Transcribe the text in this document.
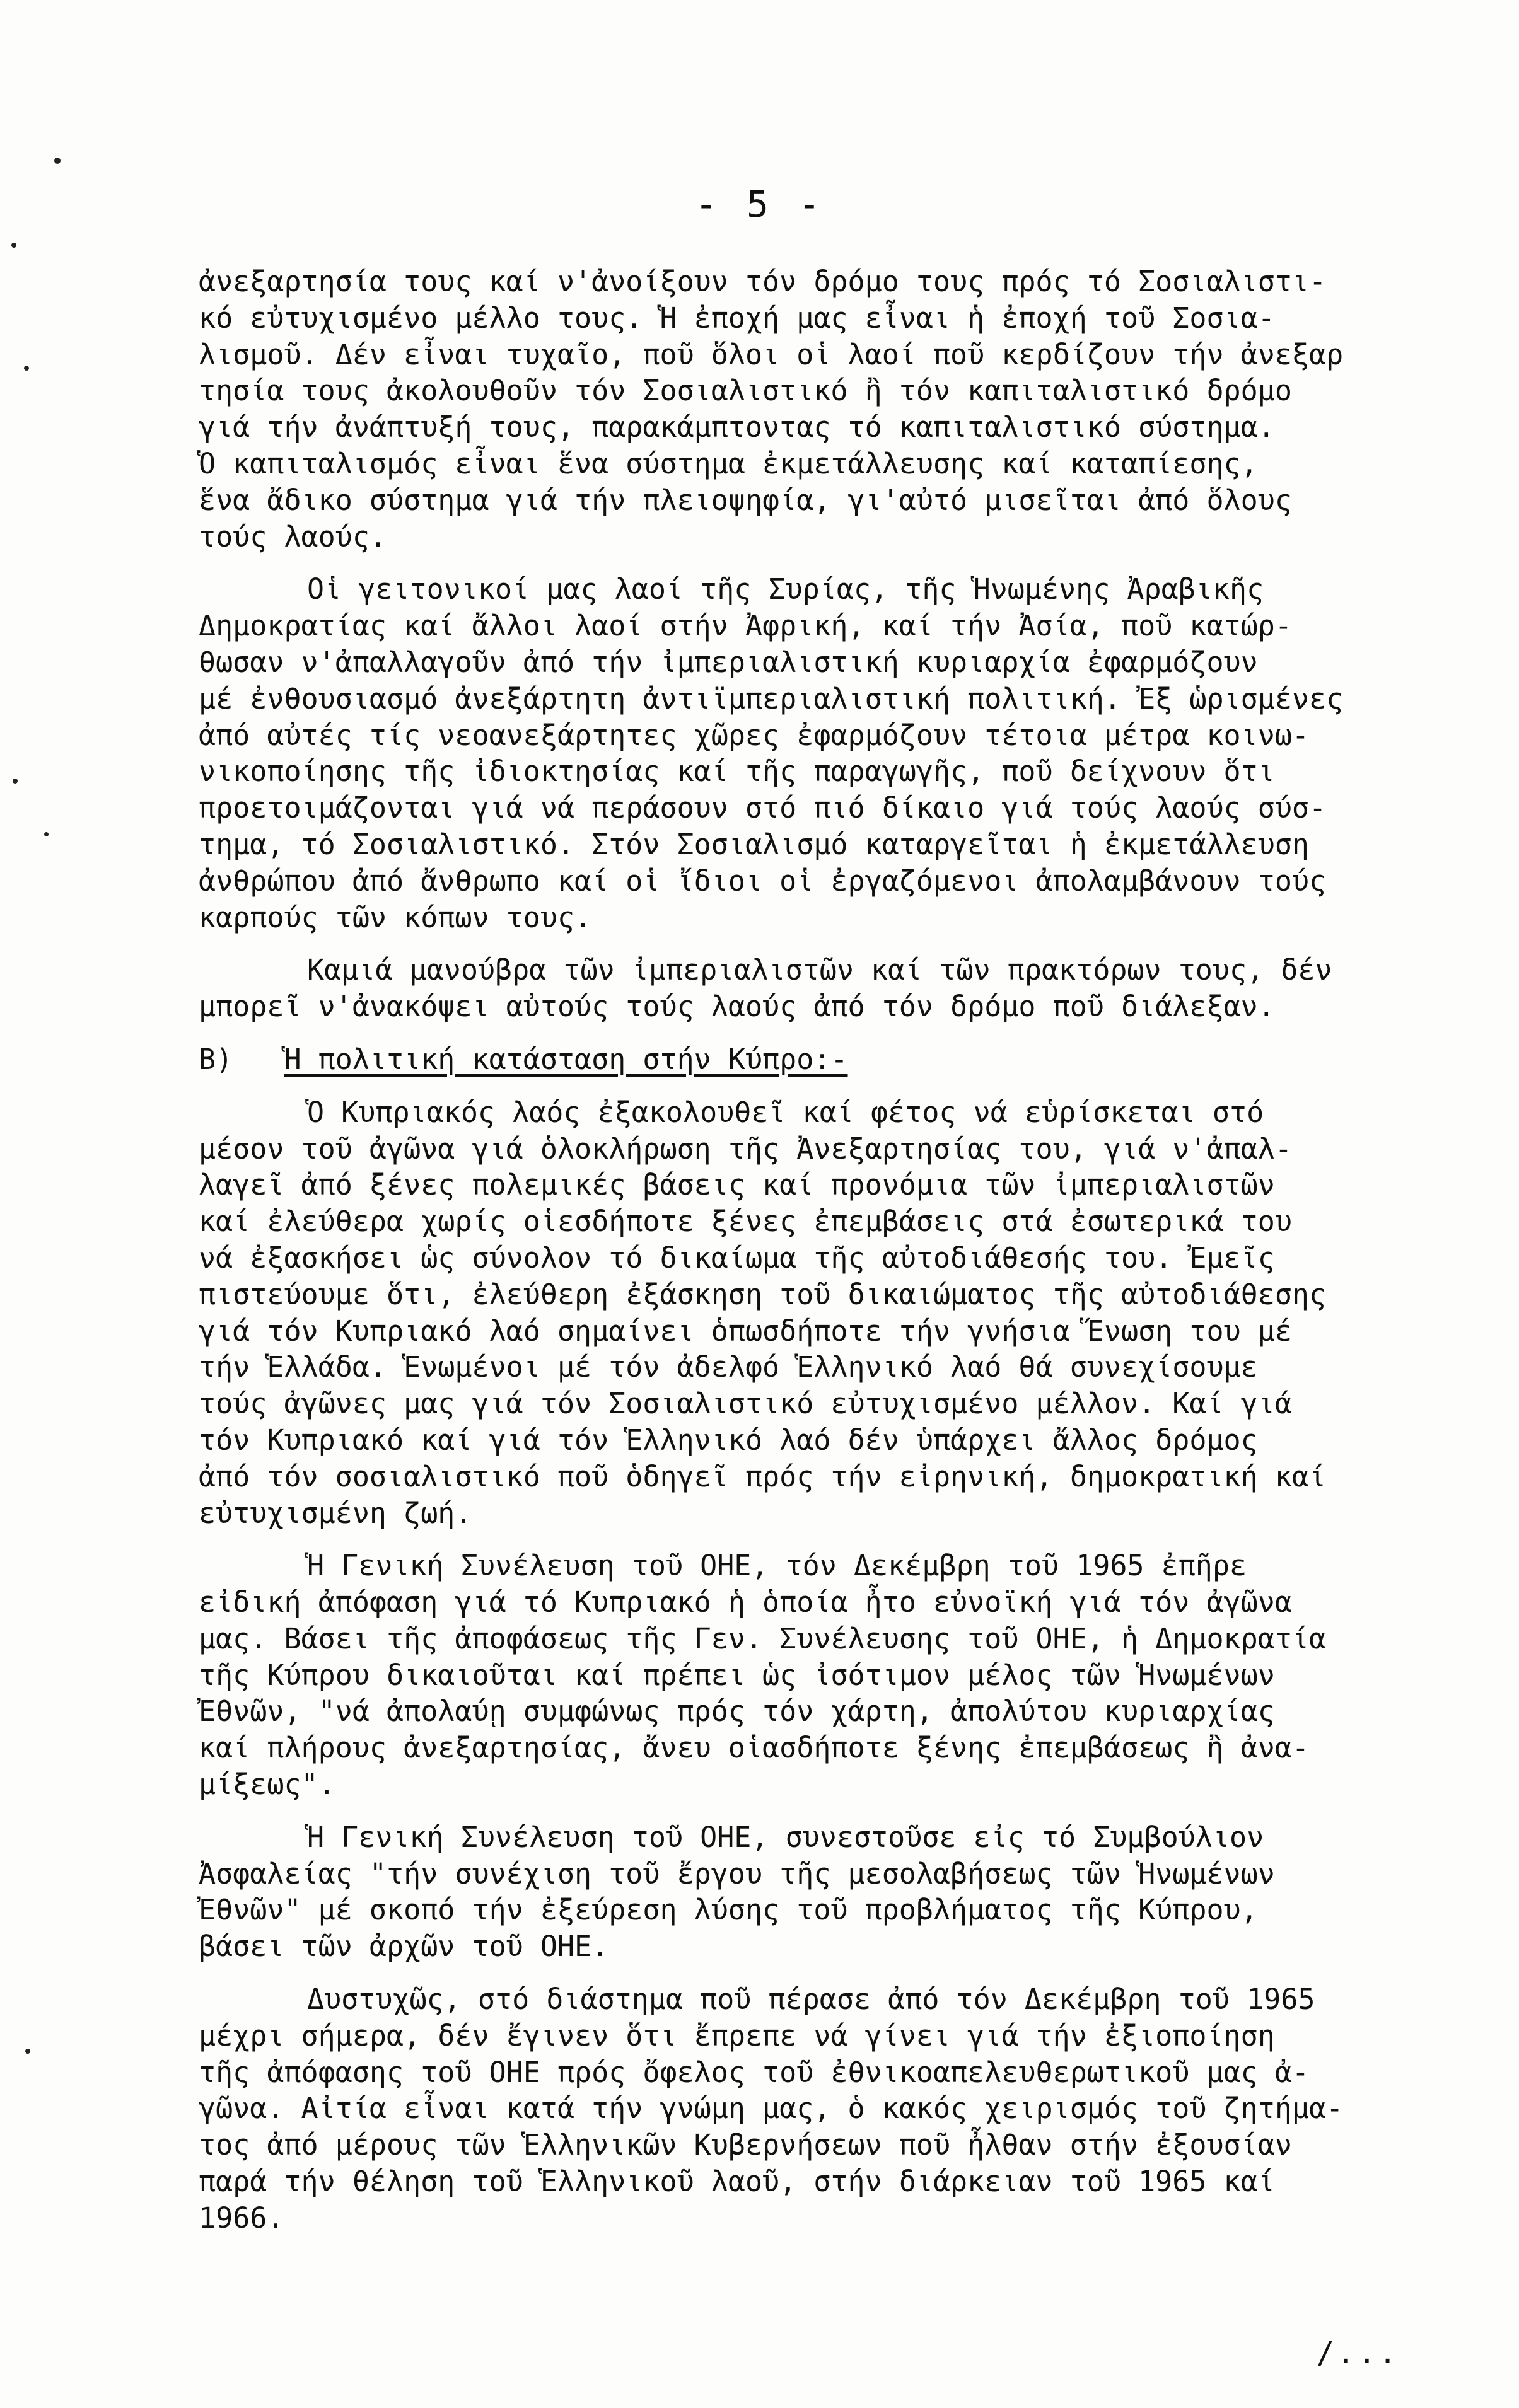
- 5 -

ἀνεξαρτησία τους καί ν'ἀνοίξουν τόν δρόμο τους πρός τό Σοσιαλιστι-

κό εὐτυχισμένο μέλλο τους. Ἡ ἐποχή μας εἶναι ἡ ἐποχή τοῦ Σοσια-

λισμοῦ. Δέν εἶναι τυχαῖο, ποῦ ὅλοι οἱ λαοί ποῦ κερδίζουν τήν ἀνεξαρ

τησία τους ἀκολουθοῦν τόν Σοσιαλιστικό ἢ τόν καπιταλιστικό δρόμο

γιά τήν ἀνάπτυξή τους, παρακάμπτοντας τό καπιταλιστικό σύστημα.

Ὁ καπιταλισμός εἶναι ἕνα σύστημα ἐκμετάλλευσης καί καταπίεσης,

ἕνα ἄδικο σύστημα γιά τήν πλειοψηφία, γι'αὐτό μισεῖται ἀπό ὅλους

τούς λαούς.

Οἱ γειτονικοί μας λαοί τῆς Συρίας, τῆς Ἡνωμένης Ἀραβικῆς

Δημοκρατίας καί ἄλλοι λαοί στήν Ἀφρική, καί τήν Ἀσία, ποῦ κατώρ-

θωσαν ν'ἀπαλλαγοῦν ἀπό τήν ἰμπεριαλιστική κυριαρχία ἐφαρμόζουν

μέ ἐνθουσιασμό ἀνεξάρτητη ἀντιϊμπεριαλιστική πολιτική. Ἐξ ὡρισμένες

ἀπό αὐτές τίς νεοανεξάρτητες χῶρες ἐφαρμόζουν τέτοια μέτρα κοινω-

νικοποίησης τῆς ἰδιοκτησίας καί τῆς παραγωγῆς, ποῦ δείχνουν ὅτι

προετοιμάζονται γιά νά περάσουν στό πιό δίκαιο γιά τούς λαούς σύσ-

τημα, τό Σοσιαλιστικό. Στόν Σοσιαλισμό καταργεῖται ἡ ἐκμετάλλευση

ἀνθρώπου ἀπό ἄνθρωπο καί οἱ ἴδιοι οἱ ἐργαζόμενοι ἀπολαμβάνουν τούς

καρπούς τῶν κόπων τους.

Καμιά μανούβρα τῶν ἰμπεριαλιστῶν καί τῶν πρακτόρων τους, δέν

μπορεῖ ν'ἀνακόψει αὐτούς τούς λαούς ἀπό τόν δρόμο ποῦ διάλεξαν.

Β) Ἡ πολιτική κατάσταση στήν Κύπρο:-

Ὁ Κυπριακός λαός ἐξακολουθεῖ καί φέτος νά εὑρίσκεται στό

μέσον τοῦ ἀγῶνα γιά ὁλοκλήρωση τῆς Ἀνεξαρτησίας του, γιά ν'ἀπαλ-

λαγεῖ ἀπό ξένες πολεμικές βάσεις καί προνόμια τῶν ἰμπεριαλιστῶν

καί ἐλεύθερα χωρίς οἱεσδήποτε ξένες ἐπεμβάσεις στά ἐσωτερικά του

νά ἐξασκήσει ὡς σύνολον τό δικαίωμα τῆς αὐτοδιάθεσής του. Ἐμεῖς

πιστεύουμε ὅτι, ἐλεύθερη ἐξάσκηση τοῦ δικαιώματος τῆς αὐτοδιάθεσης

γιά τόν Κυπριακό λαό σημαίνει ὁπωσδήποτε τήν γνήσια Ἕνωση του μέ

τήν Ἑλλάδα. Ἑνωμένοι μέ τόν ἀδελφό Ἑλληνικό λαό θά συνεχίσουμε

τούς ἀγῶνες μας γιά τόν Σοσιαλιστικό εὐτυχισμένο μέλλον. Καί γιά

τόν Κυπριακό καί γιά τόν Ἑλληνικό λαό δέν ὑπάρχει ἄλλος δρόμος

ἀπό τόν σοσιαλιστικό ποῦ ὁδηγεῖ πρός τήν εἰρηνική, δημοκρατική καί

εὐτυχισμένη ζωή.

Ἡ Γενική Συνέλευση τοῦ ΟΗΕ, τόν Δεκέμβρη τοῦ 1965 ἐπῆρε

εἰδική ἀπόφαση γιά τό Κυπριακό ἡ ὁποία ἦτο εὐνοϊκή γιά τόν ἀγῶνα

μας. Βάσει τῆς ἀποφάσεως τῆς Γεν. Συνέλευσης τοῦ ΟΗΕ, ἡ Δημοκρατία

τῆς Κύπρου δικαιοῦται καί πρέπει ὡς ἰσότιμον μέλος τῶν Ἡνωμένων

Ἐθνῶν, "νά ἀπολαύῃ συμφώνως πρός τόν χάρτη, ἀπολύτου κυριαρχίας

καί πλήρους ἀνεξαρτησίας, ἄνευ οἱασδήποτε ξένης ἐπεμβάσεως ἢ ἀνα-

μίξεως".

Ἡ Γενική Συνέλευση τοῦ ΟΗΕ, συνεστοῦσε εἰς τό Συμβούλιον

Ἀσφαλείας "τήν συνέχιση τοῦ ἔργου τῆς μεσολαβήσεως τῶν Ἡνωμένων

Ἐθνῶν" μέ σκοπό τήν ἐξεύρεση λύσης τοῦ προβλήματος τῆς Κύπρου,

βάσει τῶν ἀρχῶν τοῦ ΟΗΕ.

Δυστυχῶς, στό διάστημα ποῦ πέρασε ἀπό τόν Δεκέμβρη τοῦ 1965

μέχρι σήμερα, δέν ἔγινεν ὅτι ἔπρεπε νά γίνει γιά τήν ἐξιοποίηση

τῆς ἀπόφασης τοῦ ΟΗΕ πρός ὄφελος τοῦ ἐθνικοαπελευθερωτικοῦ μας ἀ-

γῶνα. Αἰτία εἶναι κατά τήν γνώμη μας, ὁ κακός χειρισμός τοῦ ζητήμα-

τος ἀπό μέρους τῶν Ἑλληνικῶν Κυβερνήσεων ποῦ ἦλθαν στήν ἐξουσίαν

παρά τήν θέληση τοῦ Ἑλληνικοῦ λαοῦ, στήν διάρκειαν τοῦ 1965 καί

1966.

/...
